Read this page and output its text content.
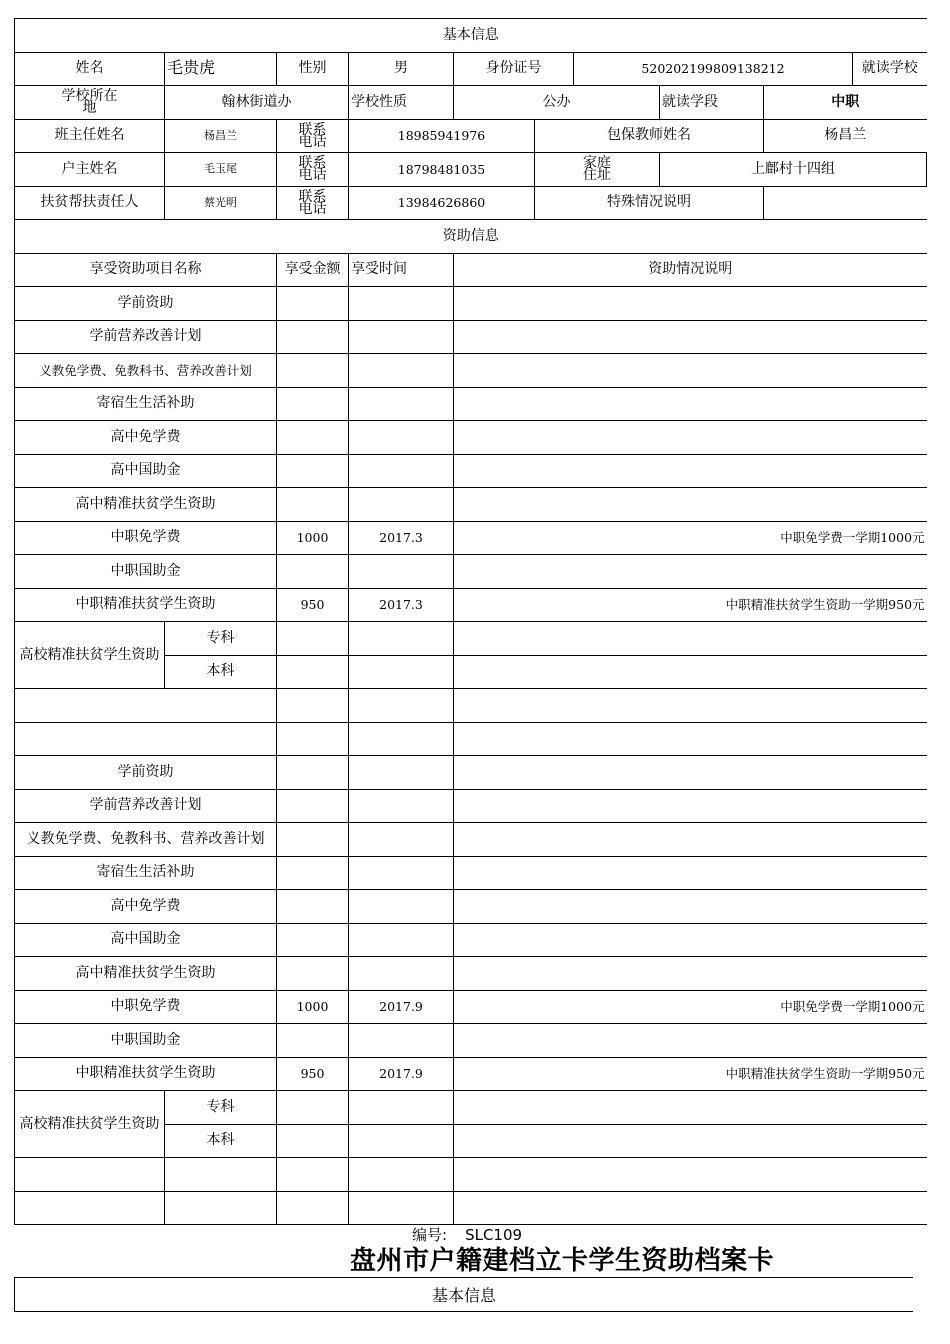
基本信息									
姓名	毛贵虎	性别	男	身份证号		520202199809138212			就读学校
学校所在地	翰林街道办		学校性质	公办			就读学段	中职	
班主任姓名	杨昌兰	联系电话	18985941976		包保教师姓名			杨昌兰	
户主姓名	毛玉尾	联系电话	18798481035		家庭住址		上鄜村十四组		
扶贫帮扶责任人	蔡光明	联系电话	13984626860		特殊情况说明				
资助信息									
享受资助项目名称		享受金额	享受时间	资助情况说明					
学前资助									
学前营养改善计划									
义教免学费、免教科书、营养改善计划									
寄宿生生活补助									
高中免学费									
高中国助金									
高中精准扶贫学生资助									
中职免学费		1000	2017.3	中职免学费一学期1000元					
中职国助金									
中职精准扶贫学生资助		950	2017.3	中职精准扶贫学生资助一学期950元					
高校精准扶贫学生资助	专科								
	本科								

学前资助									
学前营养改善计划									
义教免学费、免教科书、营养改善计划									
寄宿生生活补助									
高中免学费									
高中国助金									
高中精准扶贫学生资助									
中职免学费		1000	2017.9	中职免学费一学期1000元					
中职国助金									
中职精准扶贫学生资助		950	2017.9	中职精准扶贫学生资助一学期950元					
高校精准扶贫学生资助	专科								
	本科								

编号: SLC109
盘州市户籍建档立卡学生资助档案卡
基本信息
